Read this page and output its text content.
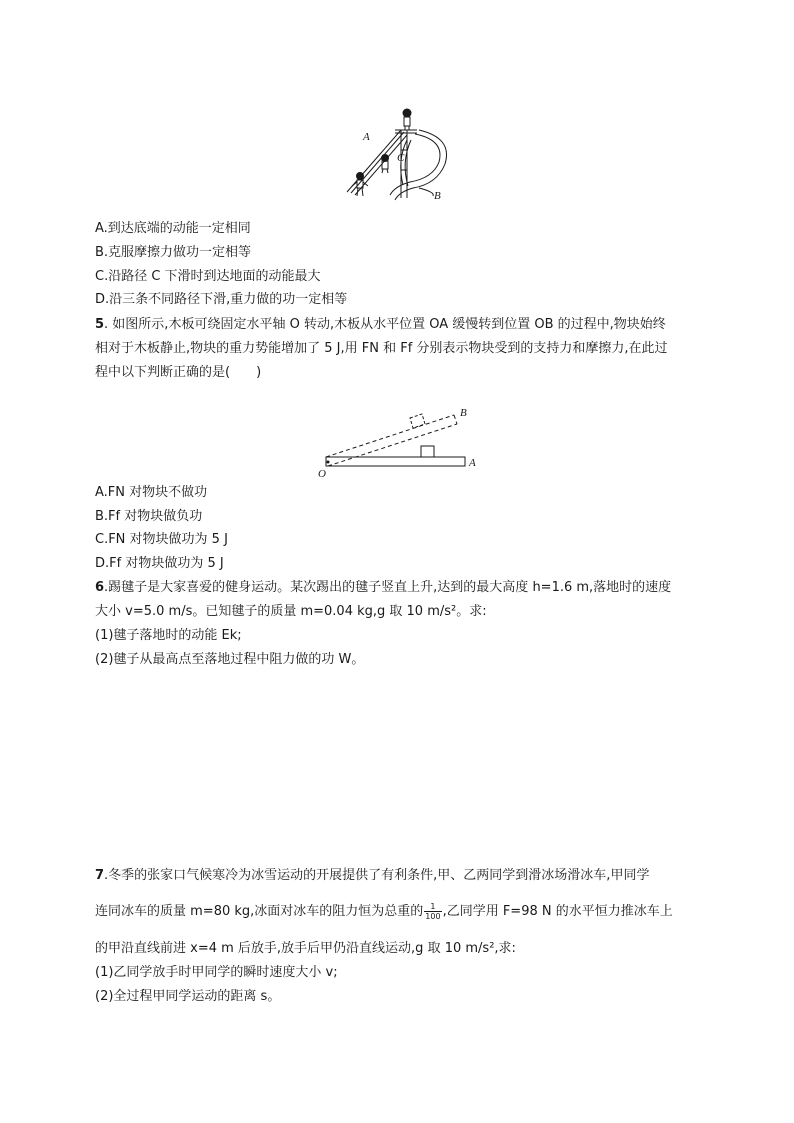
A
C
B
A.到达底端的动能一定相同
B.克服摩擦力做功一定相等
C.沿路径 C 下滑时到达地面的动能最大
D.沿三条不同路径下滑,重力做的功一定相等
5. 如图所示,木板可绕固定水平轴 O 转动,木板从水平位置 OA 缓慢转到位置 OB 的过程中,物块始终
相对于木板静止,物块的重力势能增加了 5 J,用 FN 和 Ff 分别表示物块受到的支持力和摩擦力,在此过
程中以下判断正确的是(　　)
O
A
B
A.FN 对物块不做功
B.Ff 对物块做负功
C.FN 对物块做功为 5 J
D.Ff 对物块做功为 5 J
6.踢毽子是大家喜爱的健身运动。某次踢出的毽子竖直上升,达到的最大高度 h=1.6 m,落地时的速度
大小 v=5.0 m/s。已知毽子的质量 m=0.04 kg,g 取 10 m/s²。求:
(1)毽子落地时的动能 Ek;
(2)毽子从最高点至落地过程中阻力做的功 W。
7.冬季的张家口气候寒冷为冰雪运动的开展提供了有利条件,甲、乙两同学到滑冰场滑冰车,甲同学
连同冰车的质量 m=80 kg,冰面对冰车的阻力恒为总重的 $\frac{1}{100}$ ,乙同学用 F=98 N 的水平恒力推冰车上
的甲沿直线前进 x=4 m 后放手,放手后甲仍沿直线运动,g 取 10 m/s²,求:
(1)乙同学放手时甲同学的瞬时速度大小 v;
(2)全过程甲同学运动的距离 s。
